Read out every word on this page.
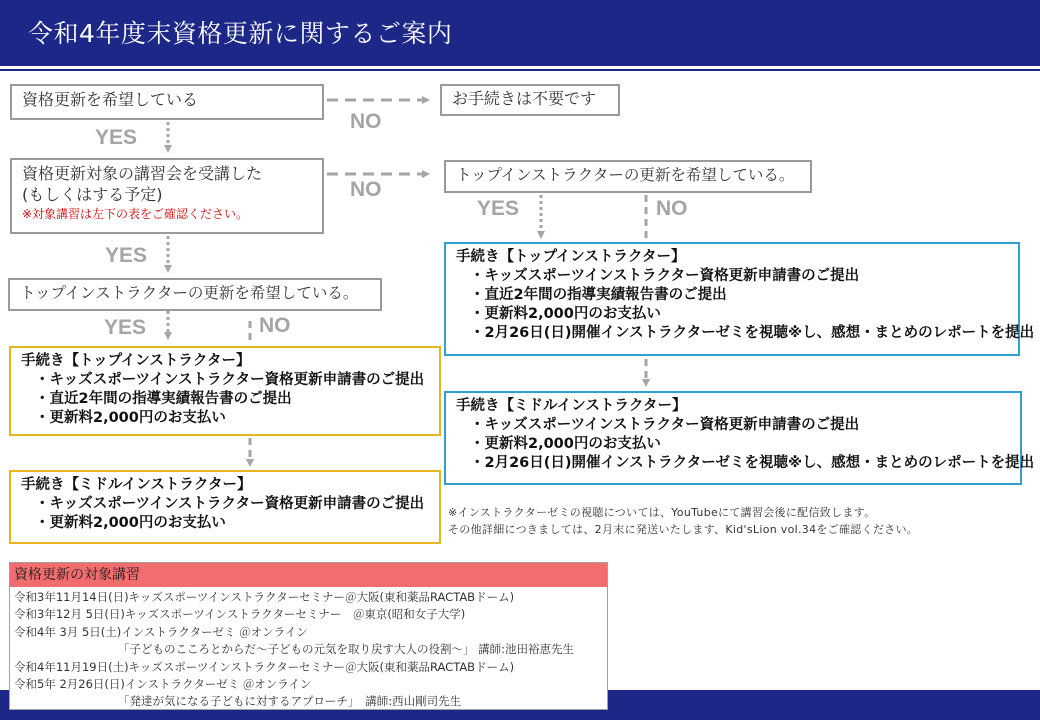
令和4年度末資格更新に関するご案内
資格更新を希望している	お手続きは不要です
YES
NO
資格更新対象の講習会を受講した
(もしくはする予定)
※対象講習は左下の表をご確認ください。
NO
トップインストラクターの更新を希望している。
YES	NO
YES
トップインストラクターの更新を希望している。
YES	NO
手続き【トップインストラクター】
・キッズスポーツインストラクター資格更新申請書のご提出
・直近2年間の指導実績報告書のご提出
・更新料2,000円のお支払い
手続き【ミドルインストラクター】
・キッズスポーツインストラクター資格更新申請書のご提出
・更新料2,000円のお支払い
手続き【トップインストラクター】
・キッズスポーツインストラクター資格更新申請書のご提出
・直近2年間の指導実績報告書のご提出
・更新料2,000円のお支払い
・2月26日(日)開催インストラクターゼミを視聴※し、感想・まとめのレポートを提出
手続き【ミドルインストラクター】
・キッズスポーツインストラクター資格更新申請書のご提出
・更新料2,000円のお支払い
・2月26日(日)開催インストラクターゼミを視聴※し、感想・まとめのレポートを提出
※インストラクターゼミの視聴については、YouTubeにて講習会後に配信致します。
その他詳細につきましては、2月末に発送いたします、Kid'sLion vol.34をご確認ください。
資格更新の対象講習
令和3年11月14日(日)キッズスポーツインストラクターセミナー＠大阪(東和薬品RACTABドーム)
令和3年12月 5日(日)キッズスポーツインストラクターセミナー　＠東京(昭和女子大学)
令和4年 3月 5日(土)インストラクターゼミ ＠オンライン
「子どものこころとからだ～子どもの元気を取り戻す大人の役割～」 講師:池田裕恵先生
令和4年11月19日(土)キッズスポーツインストラクターセミナー＠大阪(東和薬品RACTABドーム)
令和5年 2月26日(日)インストラクターゼミ ＠オンライン
「発達が気になる子どもに対するアプローチ」　講師:西山剛司先生
